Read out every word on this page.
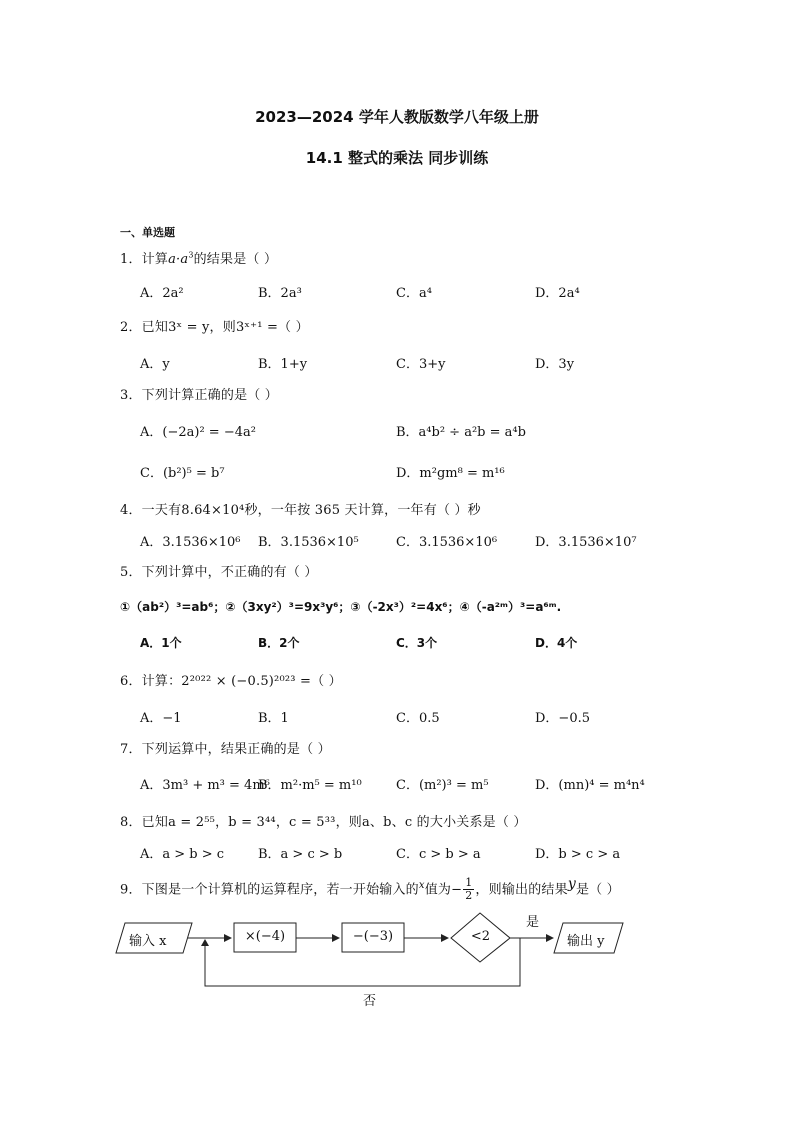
2023—2024 学年人教版数学八年级上册
14.1 整式的乘法 同步训练
一、单选题
1．计算$a\cdot a^3$的结果是（ ）
A．2a²	B．2a³	C．a⁴	D．2a⁴
2．已知3ˣ = y，则3ˣ⁺¹ =（ ）
A．y	B．1+y	C．3+y	D．3y
3．下列计算正确的是（ ）
A．(−2a)² = −4a²	B．a⁴b² ÷ a²b = a⁴b
C．(b²)⁵ = b⁷	D．m²gm⁸ = m¹⁶
4．一天有8.64×10⁴秒，一年按 365 天计算，一年有（ ）秒
A．3.1536×10⁶ B．3.1536×10⁵	C．3.1536×10⁶	D．3.1536×10⁷
5．下列计算中，不正确的有（ ）
①（ab²）³=ab⁶；②（3xy²）³=9x³y⁶；③（-2x³）²=4x⁶；④（-a²ᵐ）³=a⁶ᵐ.
A．1个	B．2个	C．3个	D．4个
6．计算：2²⁰²² × (−0.5)²⁰²³ =（ ）
A．−1	B．1	C．0.5	D．−0.5
7．下列运算中，结果正确的是（ ）
A．3m³ + m³ = 4m⁶
B．m²·m⁵ = m¹⁰	C．(m²)³ = m⁵	D．(mn)⁴ = m⁴n⁴
8．已知a = 2⁵⁵，b = 3⁴⁴，c = 5³³，则a、b、c 的大小关系是（ ）
A．a > b > c	B．a > c > b	C．c > b > a	D．b > c > a
9．下图是一个计算机的运算程序，若一开始输入的$^x$值为− $\frac{1}{2}$ ，则输出的结果y是（ ）
输入 x	×(−4)	−(−3)	<2	输出 y
是
否
